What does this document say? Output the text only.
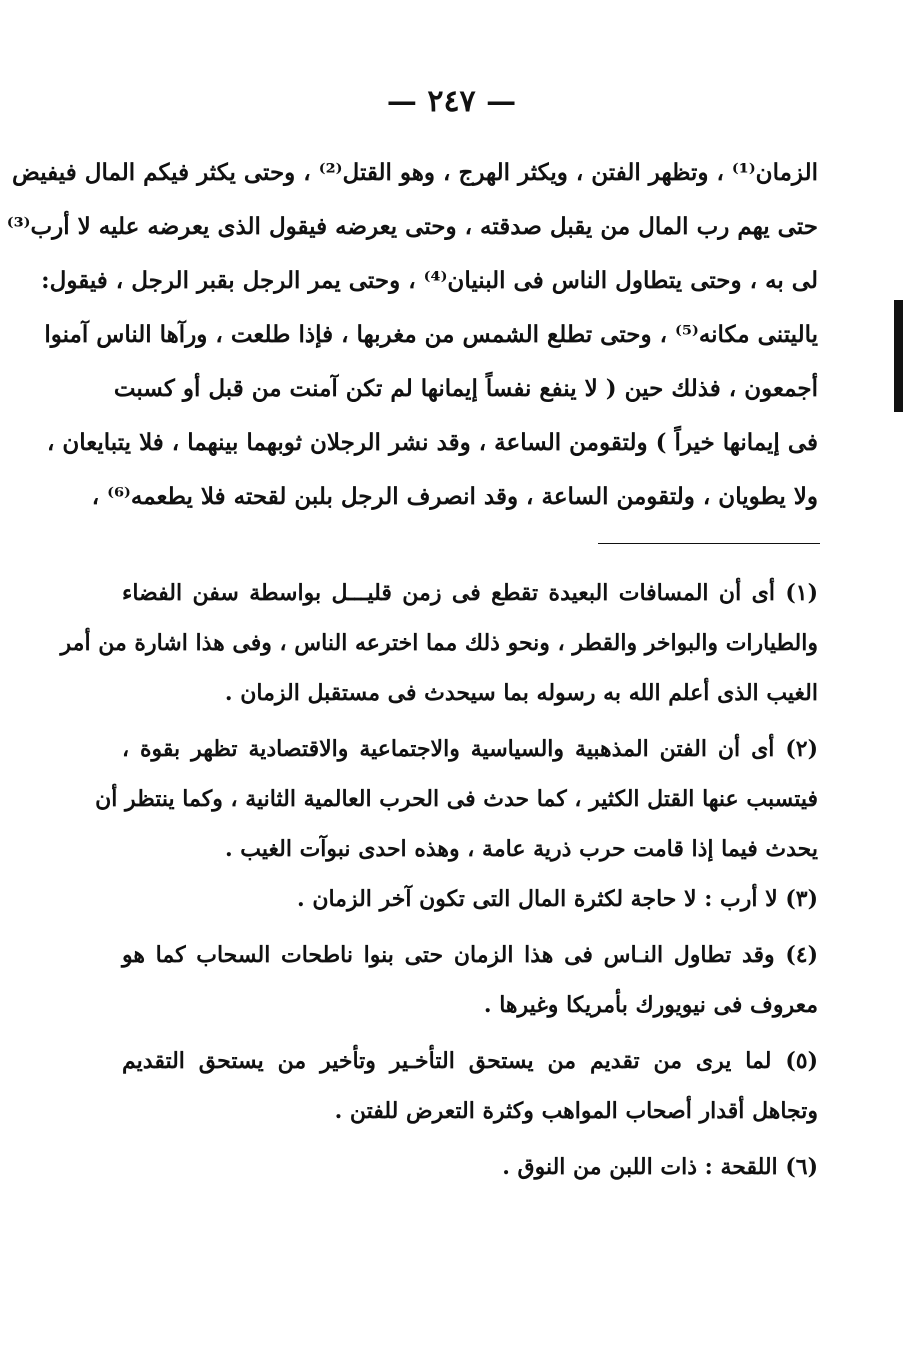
— ٢٤٧ —
الزمان⁽¹⁾ ، وتظهر الفتن ، ويكثر الهرج ، وهو القتل⁽²⁾ ، وحتى يكثر فيكم المال فيفيض
حتى يهم رب المال من يقبل صدقته ، وحتى يعرضه فيقول الذى يعرضه عليه لا أرب⁽³⁾
لى به ، وحتى يتطاول الناس فى البنيان⁽⁴⁾ ، وحتى يمر الرجل بقبر الرجل ، فيقول:
ياليتنى مكانه⁽⁵⁾ ، وحتى تطلع الشمس من مغربها ، فإذا طلعت ، ورآها الناس آمنوا
أجمعون ، فذلك حين ( لا ينفع نفساً إيمانها لم تكن آمنت من قبل أو كسبت
فى إيمانها خيراً ) ولتقومن الساعة ، وقد نشر الرجلان ثوبهما بينهما ، فلا يتبايعان ،
ولا يطويان ، ولتقومن الساعة ، وقد انصرف الرجل بلبن لقحته فلا يطعمه⁽⁶⁾ ،
(١) أى أن المسافات البعيدة تقطع فى زمن قليـــل بواسطة سفن الفضاء
والطيارات والبواخر والقطر ، ونحو ذلك مما اخترعه الناس ، وفى هذا اشارة من أمر
الغيب الذى أعلم الله به رسوله بما سيحدث فى مستقبل الزمان .
(٢) أى أن الفتن المذهبية والسياسية والاجتماعية والاقتصادية تظهر بقوة ،
فيتسبب عنها القتل الكثير ، كما حدث فى الحرب العالمية الثانية ، وكما ينتظر أن
يحدث فيما إذا قامت حرب ذرية عامة ، وهذه احدى نبوآت الغيب .
(٣) لا أرب : لا حاجة لكثرة المال التى تكون آخر الزمان .
(٤) وقد تطاول النـاس فى هذا الزمان حتى بنوا ناطحات السحاب كما هو
معروف فى نيويورك بأمريكا وغيرها .
(٥) لما يرى من تقديم من يستحق التأخـير وتأخير من يستحق التقديم
وتجاهل أقدار أصحاب المواهب وكثرة التعرض للفتن .
(٦) اللقحة : ذات اللبن من النوق .
